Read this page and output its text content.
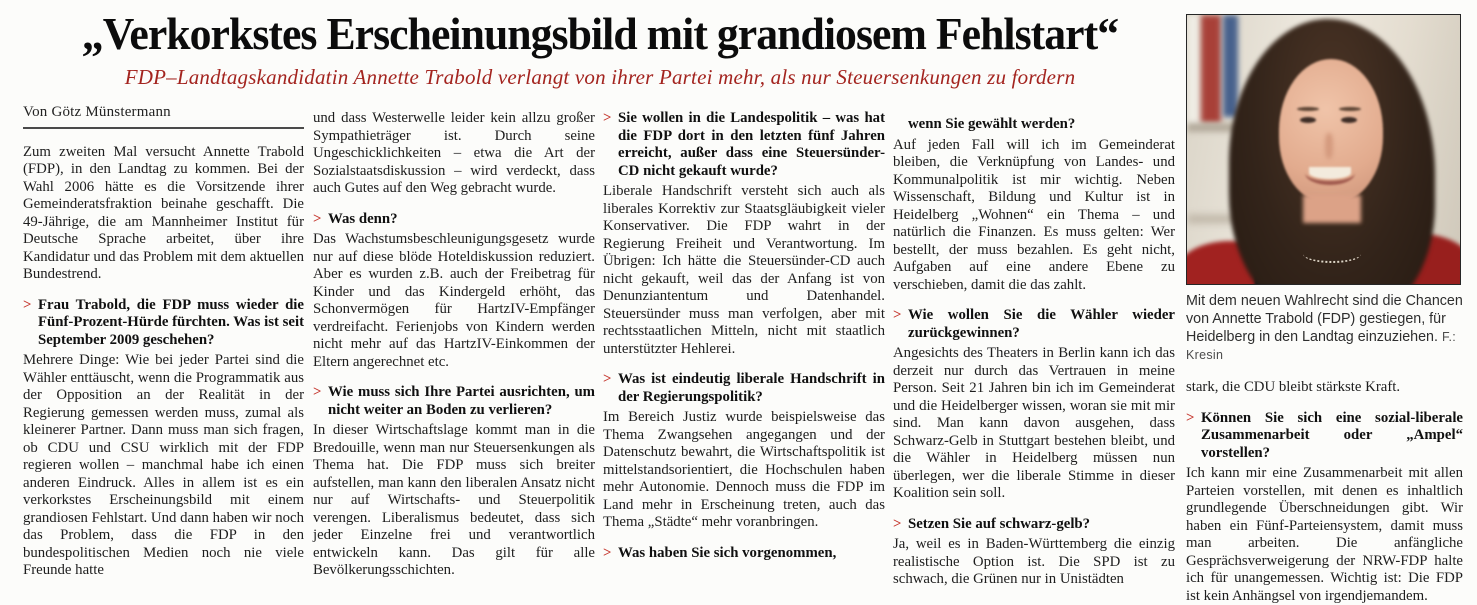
„Verkorkstes Erscheinungsbild mit grandiosem Fehlstart“

FDP–Landtagskandidatin Annette Trabold verlangt von ihrer Partei mehr, als nur Steuersenkungen zu fordern

Von Götz Münstermann

Zum zweiten Mal versucht Annette Trabold (FDP), in den Landtag zu kommen. Bei der Wahl 2006 hätte es die Vorsitzende ihrer Gemeinderatsfraktion beinahe geschafft. Die 49-Jährige, die am Mannheimer Institut für Deutsche Sprache arbeitet, über ihre Kandidatur und das Problem mit dem aktuellen Bundestrend.

> Frau Trabold, die FDP muss wieder die Fünf-Prozent-Hürde fürchten. Was ist seit September 2009 geschehen?

Mehrere Dinge: Wie bei jeder Partei sind die Wähler enttäuscht, wenn die Programmatik aus der Opposition an der Realität in der Regierung gemessen werden muss, zumal als kleinerer Partner. Dann muss man sich fragen, ob CDU und CSU wirklich mit der FDP regieren wollen – manchmal habe ich einen anderen Eindruck. Alles in allem ist es ein verkorkstes Erscheinungsbild mit einem grandiosen Fehlstart. Und dann haben wir noch das Problem, dass die FDP in den bundespolitischen Medien noch nie viele Freunde hatte

und dass Westerwelle leider kein allzu großer Sympathieträger ist. Durch seine Ungeschicklichkeiten – etwa die Art der Sozialstaatsdiskussion – wird verdeckt, dass auch Gutes auf den Weg gebracht wurde.

> Was denn?

Das Wachstumsbeschleunigungsgesetz wurde nur auf diese blöde Hoteldiskussion reduziert. Aber es wurden z.B. auch der Freibetrag für Kinder und das Kindergeld erhöht, das Schonvermögen für HartzIV-Empfänger verdreifacht. Ferienjobs von Kindern werden nicht mehr auf das HartzIV-Einkommen der Eltern angerechnet etc.

> Wie muss sich Ihre Partei ausrichten, um nicht weiter an Boden zu verlieren?

In dieser Wirtschaftslage kommt man in die Bredouille, wenn man nur Steuersenkungen als Thema hat. Die FDP muss sich breiter aufstellen, man kann den liberalen Ansatz nicht nur auf Wirtschafts- und Steuerpolitik verengen. Liberalismus bedeutet, dass sich jeder Einzelne frei und verantwortlich entwickeln kann. Das gilt für alle Bevölkerungsschichten.

> Sie wollen in die Landespolitik – was hat die FDP dort in den letzten fünf Jahren erreicht, außer dass eine Steuersünder-CD nicht gekauft wurde?

Liberale Handschrift versteht sich auch als liberales Korrektiv zur Staatsgläubigkeit vieler Konservativer. Die FDP wahrt in der Regierung Freiheit und Verantwortung. Im Übrigen: Ich hätte die Steuersünder-CD auch nicht gekauft, weil das der Anfang ist von Denunziantentum und Datenhandel. Steuersünder muss man verfolgen, aber mit rechtsstaatlichen Mitteln, nicht mit staatlich unterstützter Hehlerei.

> Was ist eindeutig liberale Handschrift in der Regierungspolitik?

Im Bereich Justiz wurde beispielsweise das Thema Zwangsehen angegangen und der Datenschutz bewahrt, die Wirtschaftspolitik ist mittelstandsorientiert, die Hochschulen haben mehr Autonomie. Dennoch muss die FDP im Land mehr in Erscheinung treten, auch das Thema „Städte“ mehr voranbringen.

> Was haben Sie sich vorgenommen,
wenn Sie gewählt werden?

Auf jeden Fall will ich im Gemeinderat bleiben, die Verknüpfung von Landes- und Kommunalpolitik ist mir wichtig. Neben Wissenschaft, Bildung und Kultur ist in Heidelberg „Wohnen“ ein Thema – und natürlich die Finanzen. Es muss gelten: Wer bestellt, der muss bezahlen. Es geht nicht, Aufgaben auf eine andere Ebene zu verschieben, damit die das zahlt.

> Wie wollen Sie die Wähler wieder zurückgewinnen?

Angesichts des Theaters in Berlin kann ich das derzeit nur durch das Vertrauen in meine Person. Seit 21 Jahren bin ich im Gemeinderat und die Heidelberger wissen, woran sie mit mir sind. Man kann davon ausgehen, dass Schwarz-Gelb in Stuttgart bestehen bleibt, und die Wähler in Heidelberg müssen nun überlegen, wer die liberale Stimme in dieser Koalition sein soll.

> Setzen Sie auf schwarz-gelb?

Ja, weil es in Baden-Württemberg die einzig realistische Option ist. Die SPD ist zu schwach, die Grünen nur in Unistädten

Mit dem neuen Wahlrecht sind die Chancen von Annette Trabold (FDP) gestiegen, für Heidelberg in den Landtag einzuziehen. F.: Kresin

stark, die CDU bleibt stärkste Kraft.

> Können Sie sich eine sozial-liberale Zusammenarbeit oder „Ampel“ vorstellen?

Ich kann mir eine Zusammenarbeit mit allen Parteien vorstellen, mit denen es inhaltlich grundlegende Überschneidungen gibt. Wir haben ein Fünf-Parteiensystem, damit muss man arbeiten. Die anfängliche Gesprächsverweigerung der NRW-FDP halte ich für unangemessen. Wichtig ist: Die FDP ist kein Anhängsel von irgendjemandem.
